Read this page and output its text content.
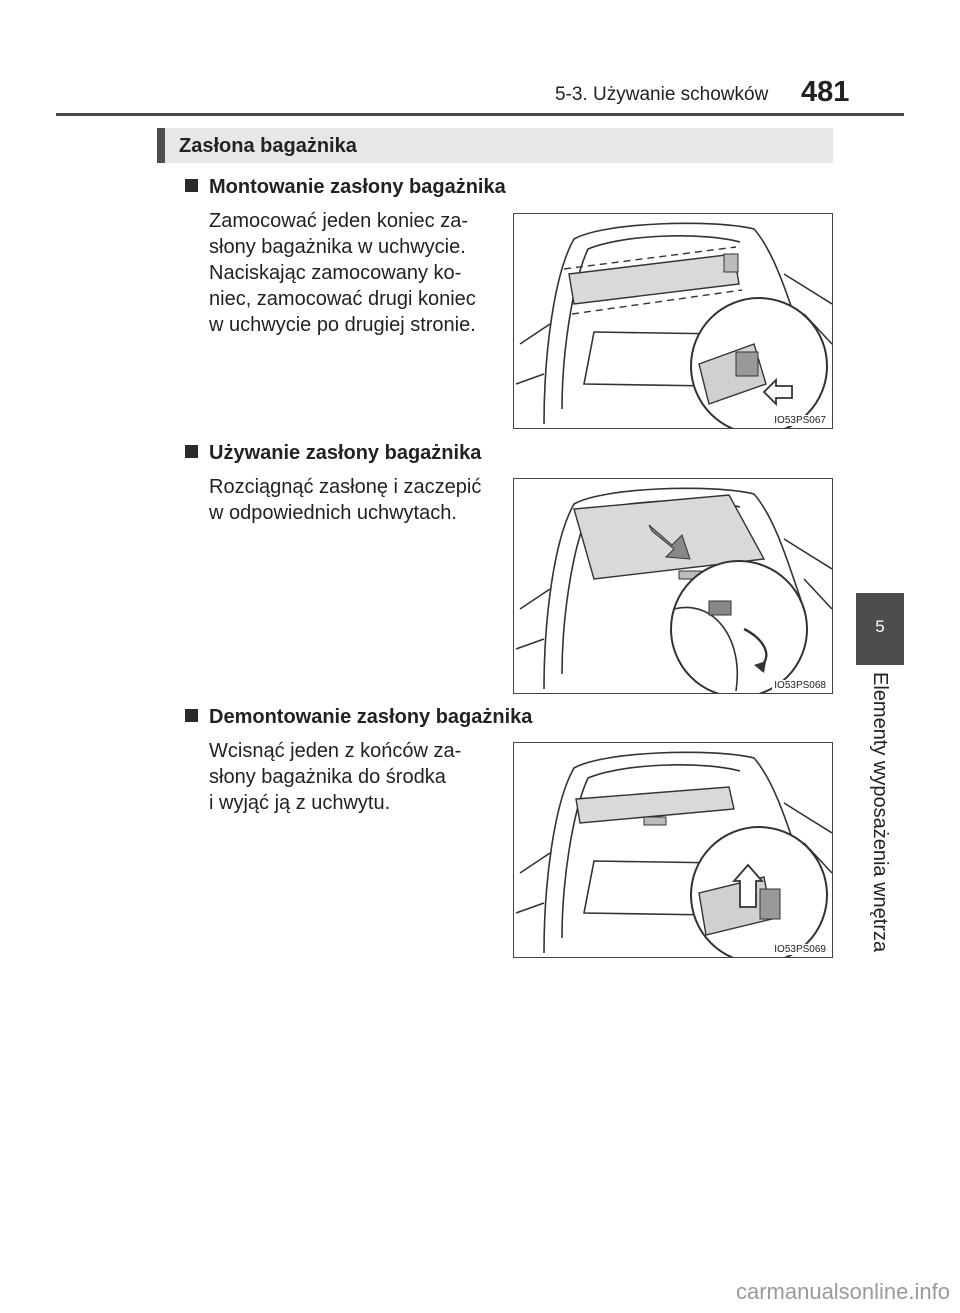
5-3. Używanie schowków 481
5
Elementy wyposażenia wnętrza
Zasłona bagażnika
Montowanie zasłony bagażnika
Zamocować jeden koniec za-
słony bagażnika w uchwycie.
Naciskając zamocowany ko-
niec, zamocować drugi koniec
w uchwycie po drugiej stronie.
IO53PS067
Używanie zasłony bagażnika
Rozciągnąć zasłonę i zaczepić
w odpowiednich uchwytach.
IO53PS068
Demontowanie zasłony bagażnika
Wcisnąć jeden z końców za-
słony bagażnika do środka
i wyjąć ją z uchwytu.
IO53PS069
carmanualsonline.info
